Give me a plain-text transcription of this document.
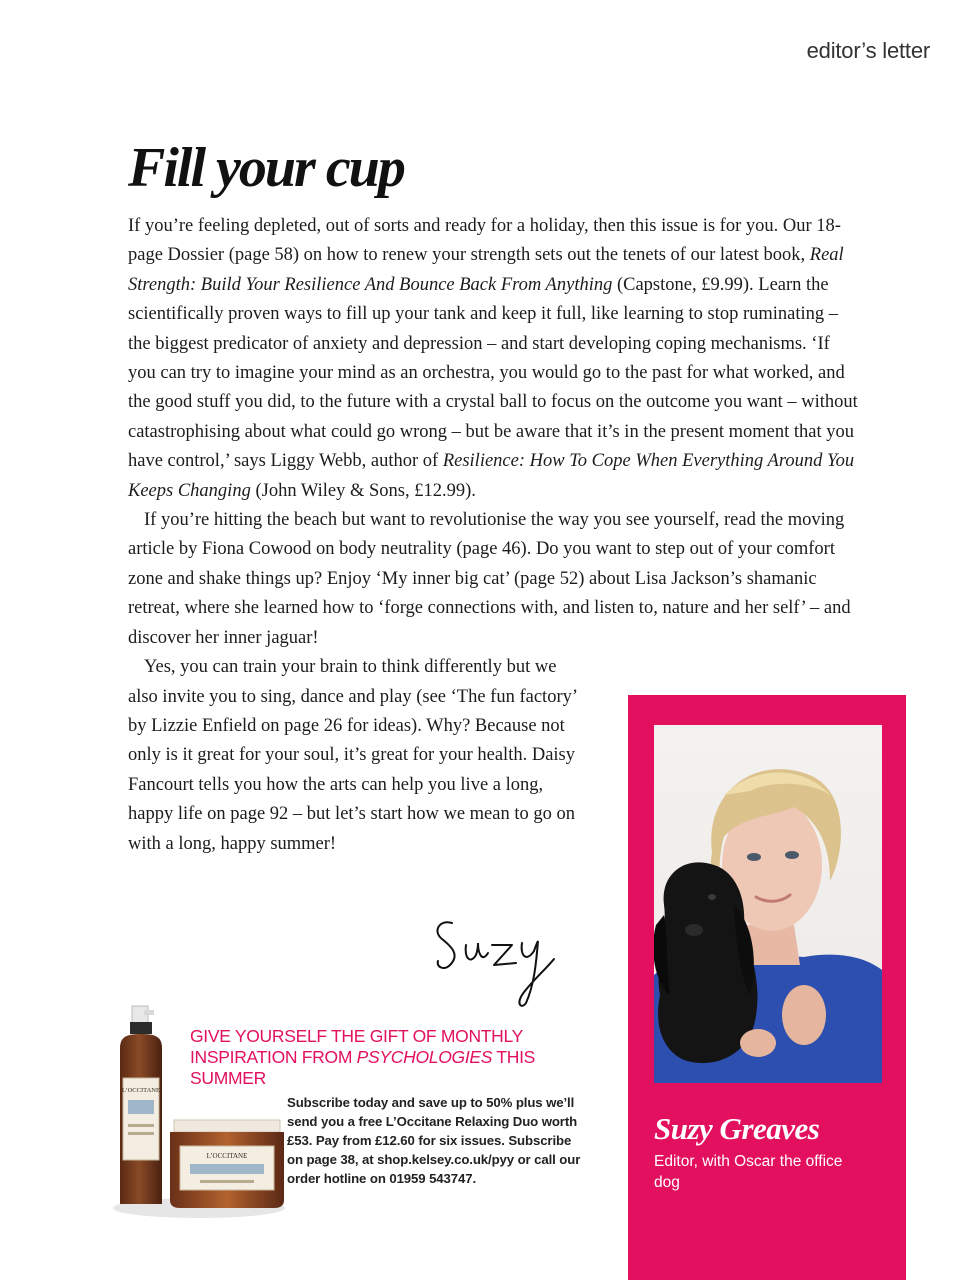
editor’s letter
Fill your cup

If you’re feeling depleted, out of sorts and ready for a holiday, then this issue is for you. Our 18-page Dossier (page 58) on how to renew your strength sets out the tenets of our latest book, Real Strength: Build Your Resilience And Bounce Back From Anything (Capstone, £9.99). Learn the scientifically proven ways to fill up your tank and keep it full, like learning to stop ruminating – the biggest predicator of anxiety and depression – and start developing coping mechanisms. ‘If you can try to imagine your mind as an orchestra, you would go to the past for what worked, and the good stuff you did, to the future with a crystal ball to focus on the outcome you want – without catastrophising about what could go wrong – but be aware that it’s in the present moment that you have control,’ says Liggy Webb, author of Resilience: How To Cope When Everything Around You Keeps Changing (John Wiley & Sons, £12.99).

If you’re hitting the beach but want to revolutionise the way you see yourself, read the moving article by Fiona Cowood on body neutrality (page 46). Do you want to step out of your comfort zone and shake things up? Enjoy ‘My inner big cat’ (page 52) about Lisa Jackson’s shamanic retreat, where she learned how to ‘forge connections with, and listen to, nature and her self’ – and discover her inner jaguar!

Yes, you can train your brain to think differently but we also invite you to sing, dance and play (see ‘The fun factory’ by Lizzie Enfield on page 26 for ideas). Why? Because not only is it great for your soul, it’s great for your health. Daisy Fancourt tells you how the arts can help you live a long, happy life on page 92 – but let’s start how we mean to go on with a long, happy summer!

Suzy Greaves
Editor, with Oscar the office dog
L’OCCITANE
L’OCCITANE
GIVE YOURSELF THE GIFT OF MONTHLY INSPIRATION FROM PSYCHOLOGIES THIS SUMMER
Subscribe today and save up to 50% plus we’ll send you a free L’Occitane Relaxing Duo worth £53. Pay from £12.60 for six issues. Subscribe on page 38, at shop.kelsey.co.uk/pyy or call our order hotline on 01959 543747.
